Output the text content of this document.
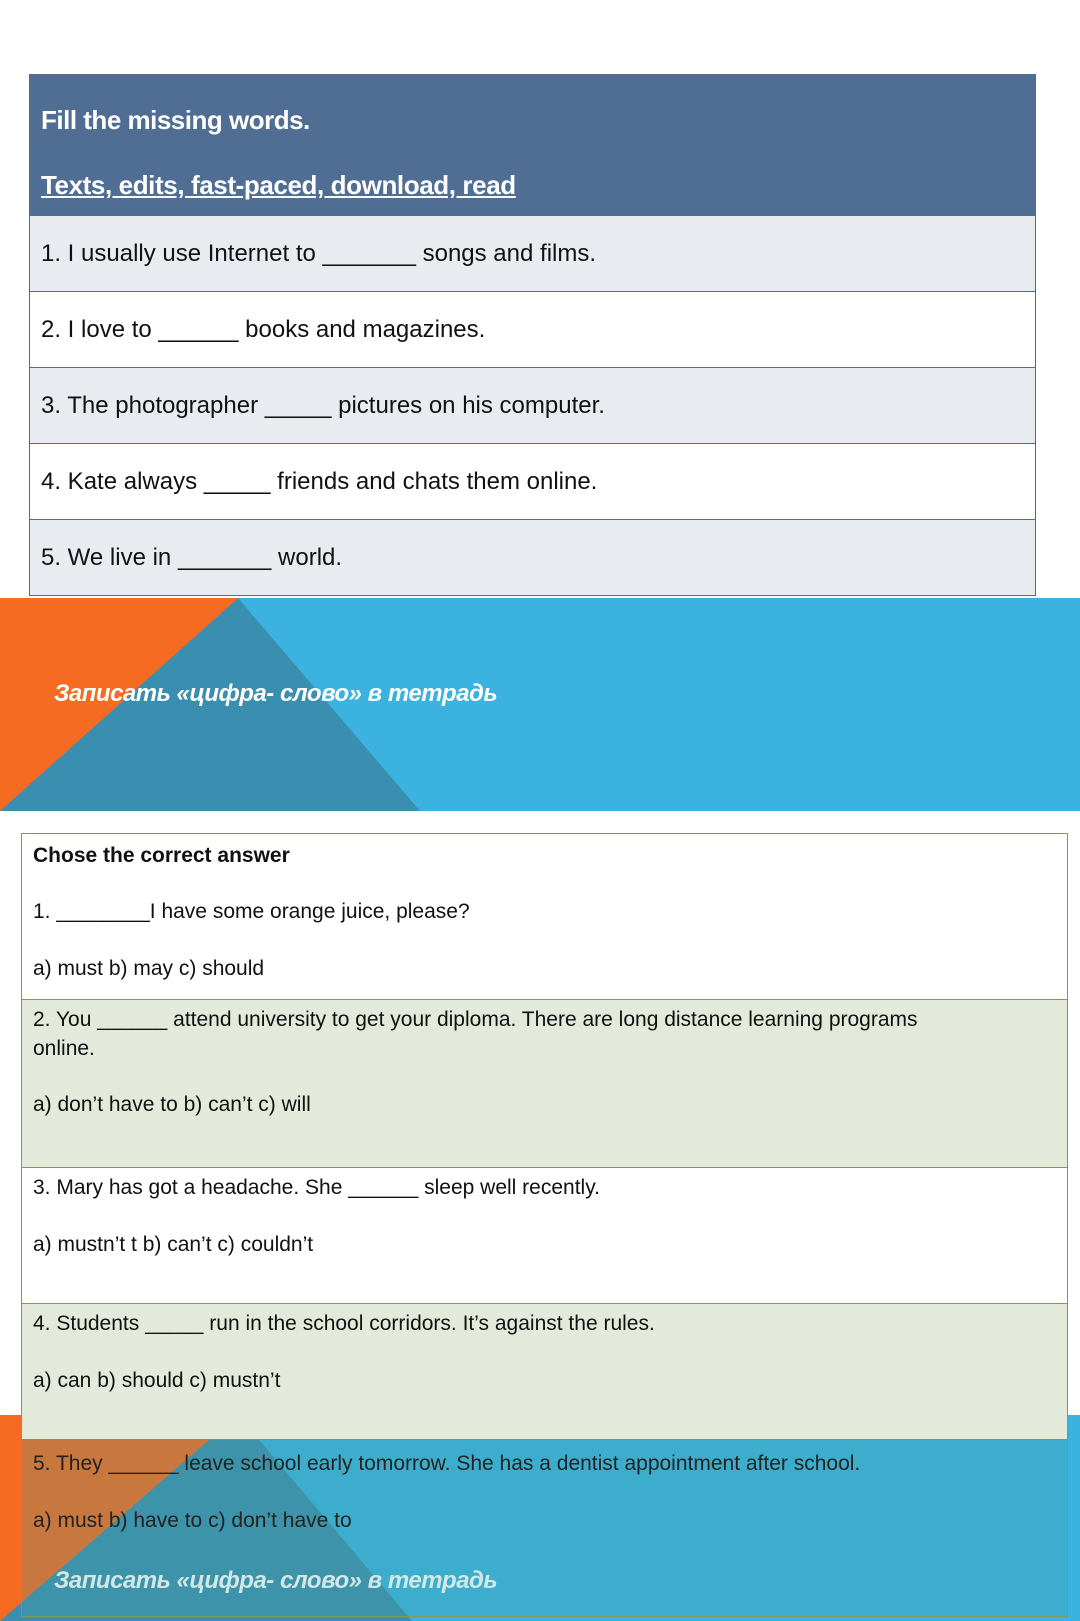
Fill the missing words.
Texts, edits, fast-paced, download, read
1. I usually use Internet to _______ songs and films.
2. I love to ______ books and magazines.
3. The photographer _____ pictures on his computer.
4. Kate always _____ friends and chats them online.
5. We live in _______ world.
Записать «цифра- слово» в тетрадь
Записать «цифра- слово» в тетрадь
Chose the correct answer
1. ________I have some orange juice, please?
a) must b) may c) should
2. You ______ attend university to get your diploma. There are long distance learning programs
online.
a) don’t have to b) can’t c) will
3. Mary has got a headache. She ______ sleep well recently.
a) mustn’t t b) can’t c) couldn’t
4. Students _____ run in the school corridors. It’s against the rules.
a) can b) should c) mustn’t
5. They ______ leave school early tomorrow. She has a dentist appointment after school.
a) must b) have to c) don’t have to
